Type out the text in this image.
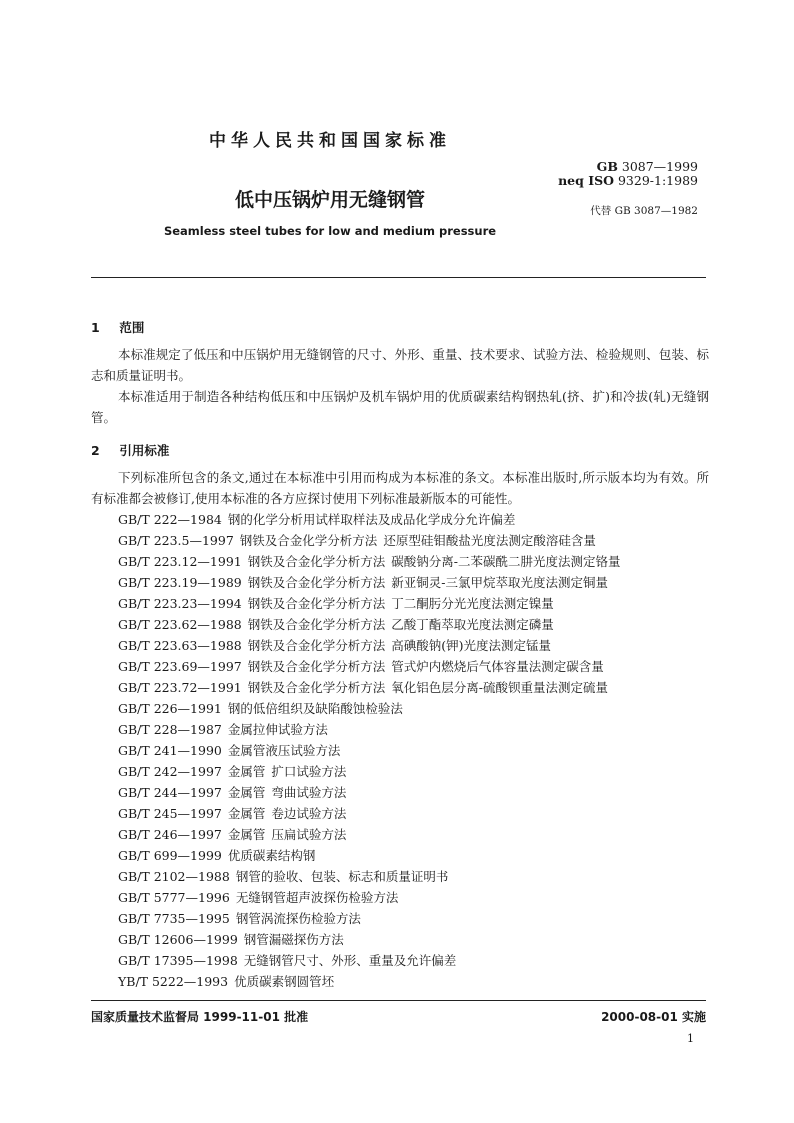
中华人民共和国国家标准
GB 3087—1999
neq ISO 9329-1:1989
低中压锅炉用无缝钢管	代替 GB 3087—1982
Seamless steel tubes for low and medium pressure
1 范围

本标准规定了低压和中压锅炉用无缝钢管的尺寸、外形、重量、技术要求、试验方法、检验规则、包装、标志和质量证明书。

本标准适用于制造各种结构低压和中压锅炉及机车锅炉用的优质碳素结构钢热轧(挤、扩)和冷拔(轧)无缝钢管。

2 引用标准

下列标准所包含的条文,通过在本标准中引用而构成为本标准的条文。本标准出版时,所示版本均为有效。所有标准都会被修订,使用本标准的各方应探讨使用下列标准最新版本的可能性。

GB/T 222—1984 钢的化学分析用试样取样法及成品化学成分允许偏差
GB/T 223.5—1997 钢铁及合金化学分析方法 还原型硅钼酸盐光度法测定酸溶硅含量
GB/T 223.12—1991 钢铁及合金化学分析方法 碳酸钠分离-二苯碳酰二肼光度法测定铬量
GB/T 223.19—1989 钢铁及合金化学分析方法 新亚铜灵-三氯甲烷萃取光度法测定铜量
GB/T 223.23—1994 钢铁及合金化学分析方法 丁二酮肟分光光度法测定镍量
GB/T 223.62—1988 钢铁及合金化学分析方法 乙酸丁酯萃取光度法测定磷量
GB/T 223.63—1988 钢铁及合金化学分析方法 高碘酸钠(钾)光度法测定锰量
GB/T 223.69—1997 钢铁及合金化学分析方法 管式炉内燃烧后气体容量法测定碳含量
GB/T 223.72—1991 钢铁及合金化学分析方法 氧化铝色层分离-硫酸钡重量法测定硫量
GB/T 226—1991 钢的低倍组织及缺陷酸蚀检验法
GB/T 228—1987 金属拉伸试验方法
GB/T 241—1990 金属管液压试验方法
GB/T 242—1997 金属管 扩口试验方法
GB/T 244—1997 金属管 弯曲试验方法
GB/T 245—1997 金属管 卷边试验方法
GB/T 246—1997 金属管 压扁试验方法
GB/T 699—1999 优质碳素结构钢
GB/T 2102—1988 钢管的验收、包装、标志和质量证明书
GB/T 5777—1996 无缝钢管超声波探伤检验方法
GB/T 7735—1995 钢管涡流探伤检验方法
GB/T 12606—1999 钢管漏磁探伤方法
GB/T 17395—1998 无缝钢管尺寸、外形、重量及允许偏差
YB/T 5222—1993 优质碳素钢圆管坯
国家质量技术监督局 1999-11-01 批准	2000-08-01 实施
1
